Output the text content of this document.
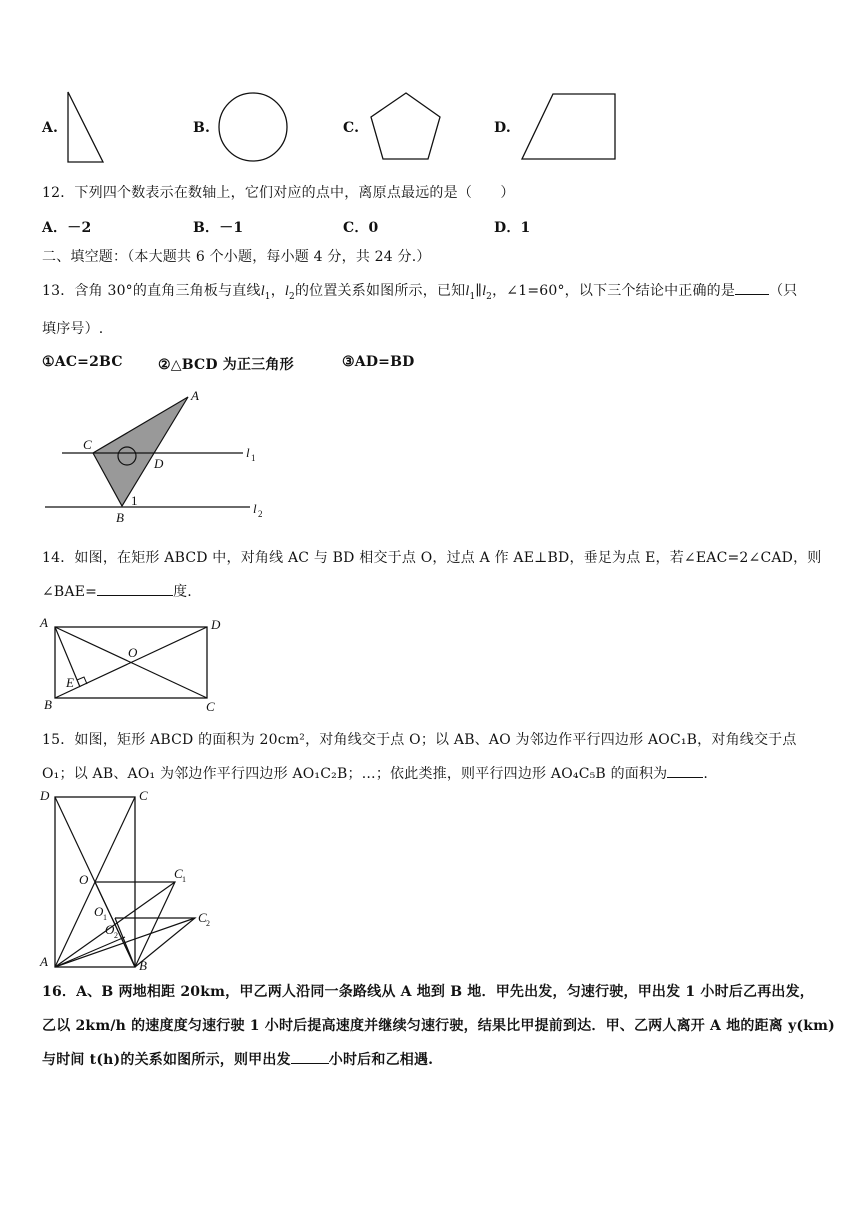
A.	B.	C.	D.
12．下列四个数表示在数轴上，它们对应的点中，离原点最远的是（　　）
A．－2	B．－1	C．0	D．1
二、填空题：（本大题共 6 个小题，每小题 4 分，共 24 分.）
13．含角 30°的直角三角板与直线$l_1$，$l_2$的位置关系如图所示，已知$l_1\parallel l_2$，∠1=60°，以下三个结论中正确的是 （只
填序号）.
①AC=2BC	②△BCD 为正三角形	③AD=BD
A
C
D
1
B
l 1
l 2
14．如图，在矩形 ABCD 中，对角线 AC 与 BD 相交于点 O，过点 A 作 AE⊥BD，垂足为点 E，若∠EAC=2∠CAD，则
∠BAE=	度.
A	D
O
E
B	C
15．如图，矩形 ABCD 的面积为 20cm²，对角线交于点 O；以 AB、AO 为邻边作平行四边形 AOC₁B，对角线交于点
O₁；以 AB、AO₁ 为邻边作平行四边形 AO₁C₂B；…；依此类推，则平行四边形 AO₄C₅B 的面积为	.
D	C
O	C 1
O 1	C 2
O 2
A	B
16．A、B 两地相距 20km，甲乙两人沿同一条路线从 A 地到 B 地．甲先出发，匀速行驶，甲出发 1 小时后乙再出发，
乙以 2km/h 的速度度匀速行驶 1 小时后提高速度并继续匀速行驶，结果比甲提前到达．甲、乙两人离开 A 地的距离 y(km)
与时间 t(h)的关系如图所示，则甲出发	小时后和乙相遇.
